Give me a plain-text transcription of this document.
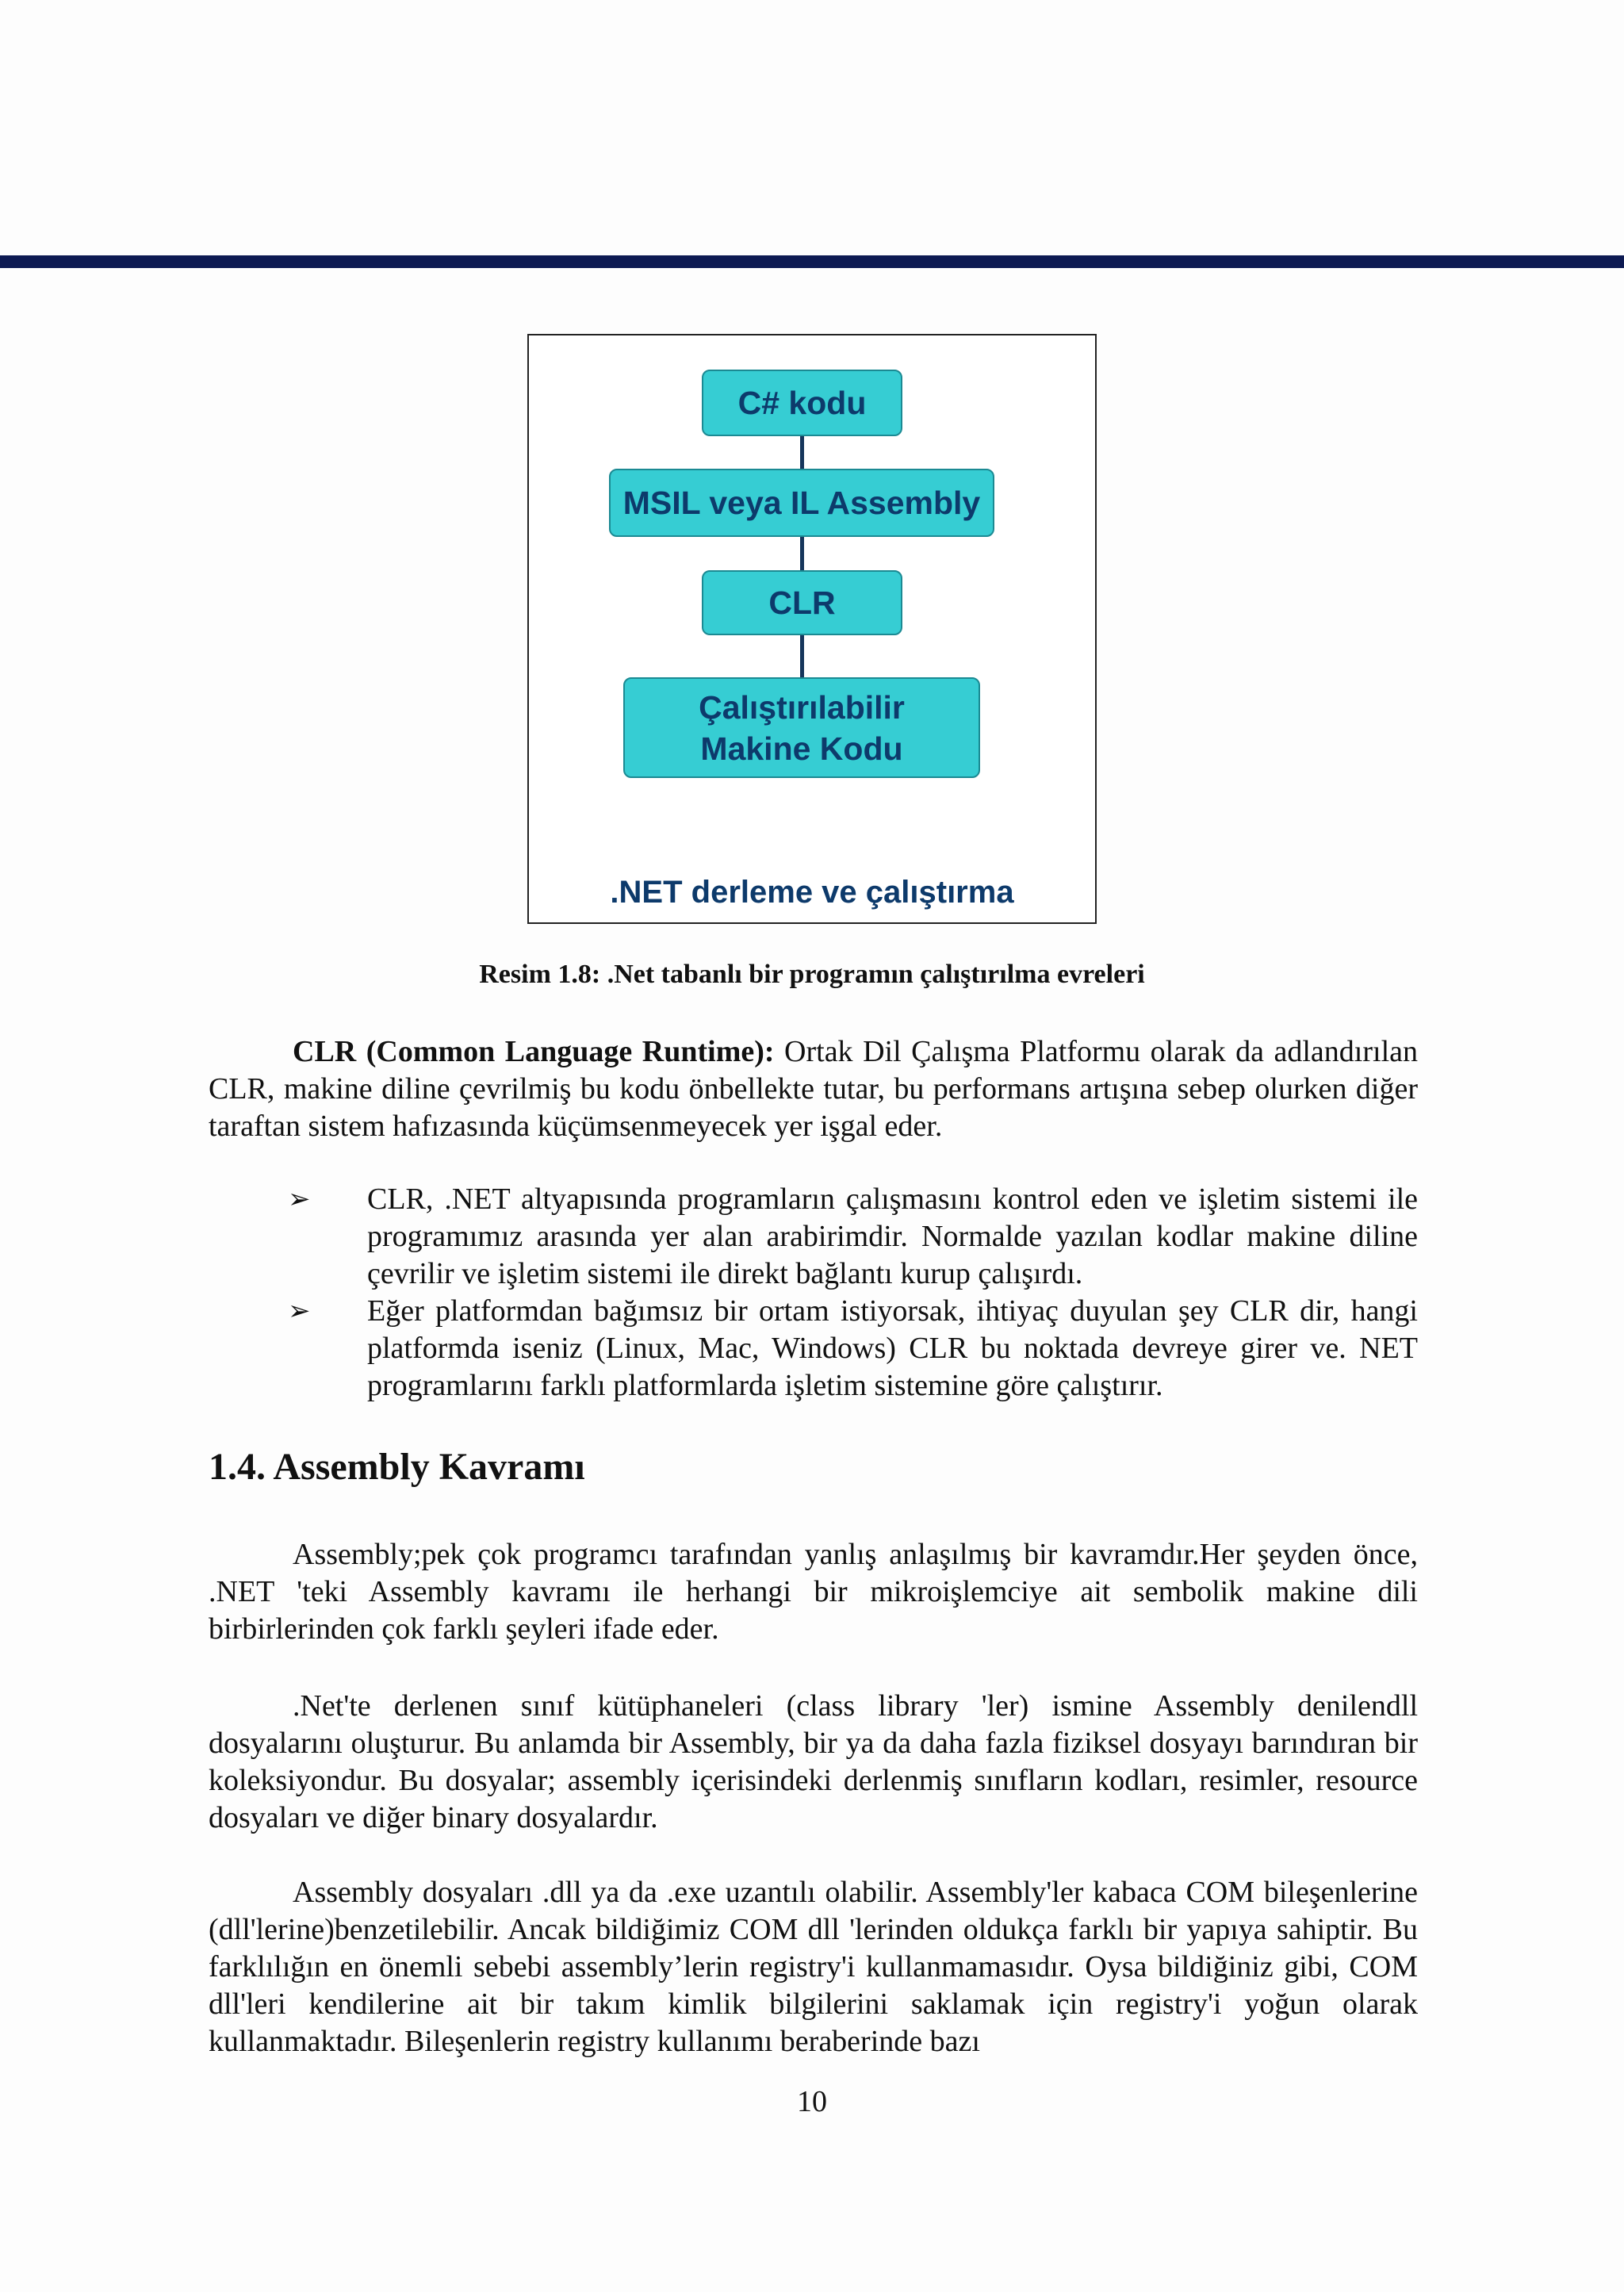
C# kodu
MSIL veya IL Assembly
CLR
Çalıştırılabilir Makine Kodu
.NET derleme ve çalıştırma
Resim 1.8: .Net tabanlı bir programın çalıştırılma evreleri

CLR (Common Language Runtime): Ortak Dil Çalışma Platformu olarak da adlandırılan CLR, makine diline çevrilmiş bu kodu önbellekte tutar, bu performans artışına sebep olurken diğer taraftan sistem hafızasında küçümsenmeyecek yer işgal eder.

➢ CLR, .NET altyapısında programların çalışmasını kontrol eden ve işletim sistemi ile programımız arasında yer alan arabirimdir. Normalde yazılan kodlar makine diline çevrilir ve işletim sistemi ile direkt bağlantı kurup çalışırdı.
➢ Eğer platformdan bağımsız bir ortam istiyorsak, ihtiyaç duyulan şey CLR dir, hangi platformda iseniz (Linux, Mac, Windows) CLR bu noktada devreye girer ve. NET programlarını farklı platformlarda işletim sistemine göre çalıştırır.
1.4. Assembly Kavramı

Assembly;pek çok programcı tarafından yanlış anlaşılmış bir kavramdır.Her şeyden önce, .NET 'teki Assembly kavramı ile herhangi bir mikroişlemciye ait sembolik makine dili birbirlerinden çok farklı şeyleri ifade eder.

.Net'te derlenen sınıf kütüphaneleri (class library 'ler) ismine Assembly denilendll dosyalarını oluşturur. Bu anlamda bir Assembly, bir ya da daha fazla fiziksel dosyayı barındıran bir koleksiyondur. Bu dosyalar; assembly içerisindeki derlenmiş sınıfların kodları, resimler, resource dosyaları ve diğer binary dosyalardır.

Assembly dosyaları .dll ya da .exe uzantılı olabilir. Assembly'ler kabaca COM bileşenlerine (dll'lerine)benzetilebilir. Ancak bildiğimiz COM dll 'lerinden oldukça farklı bir yapıya sahiptir. Bu farklılığın en önemli sebebi assembly’lerin registry'i kullanmamasıdır. Oysa bildiğiniz gibi, COM dll'leri kendilerine ait bir takım kimlik bilgilerini saklamak için registry'i yoğun olarak kullanmaktadır. Bileşenlerin registry kullanımı beraberinde bazı

10
